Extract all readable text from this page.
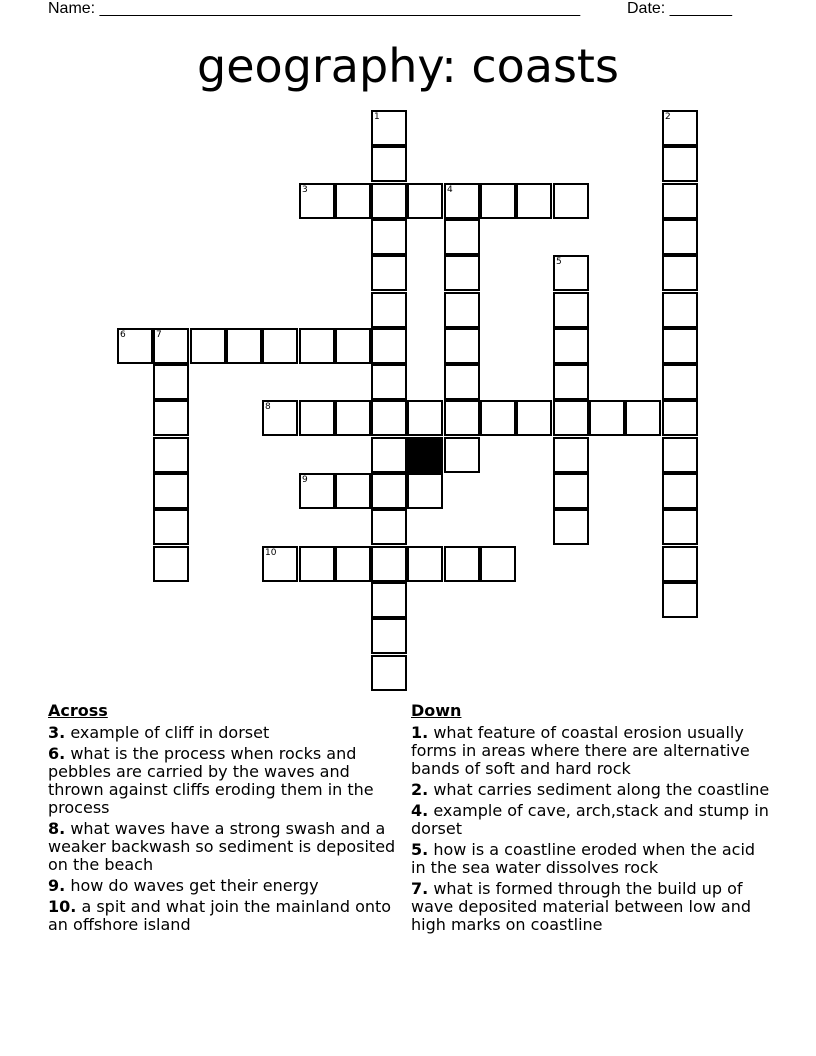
Name: ______________________________________________________	Date: _______
geography: coasts
1	2
3	4
5
6	7
8
9
10
Across
3. example of cliff in dorset
6. what is the process when rocks and pebbles are carried by the waves and thrown against cliffs eroding them in the process
8. what waves have a strong swash and a weaker backwash so sediment is deposited on the beach
9. how do waves get their energy
10. a spit and what join the mainland onto an offshore island
Down
1. what feature of coastal erosion usually forms in areas where there are alternative bands of soft and hard rock
2. what carries sediment along the coastline
4. example of cave, arch,stack and stump in dorset
5. how is a coastline eroded when the acid in the sea water dissolves rock
7. what is formed through the build up of wave deposited material between low and high marks on coastline
